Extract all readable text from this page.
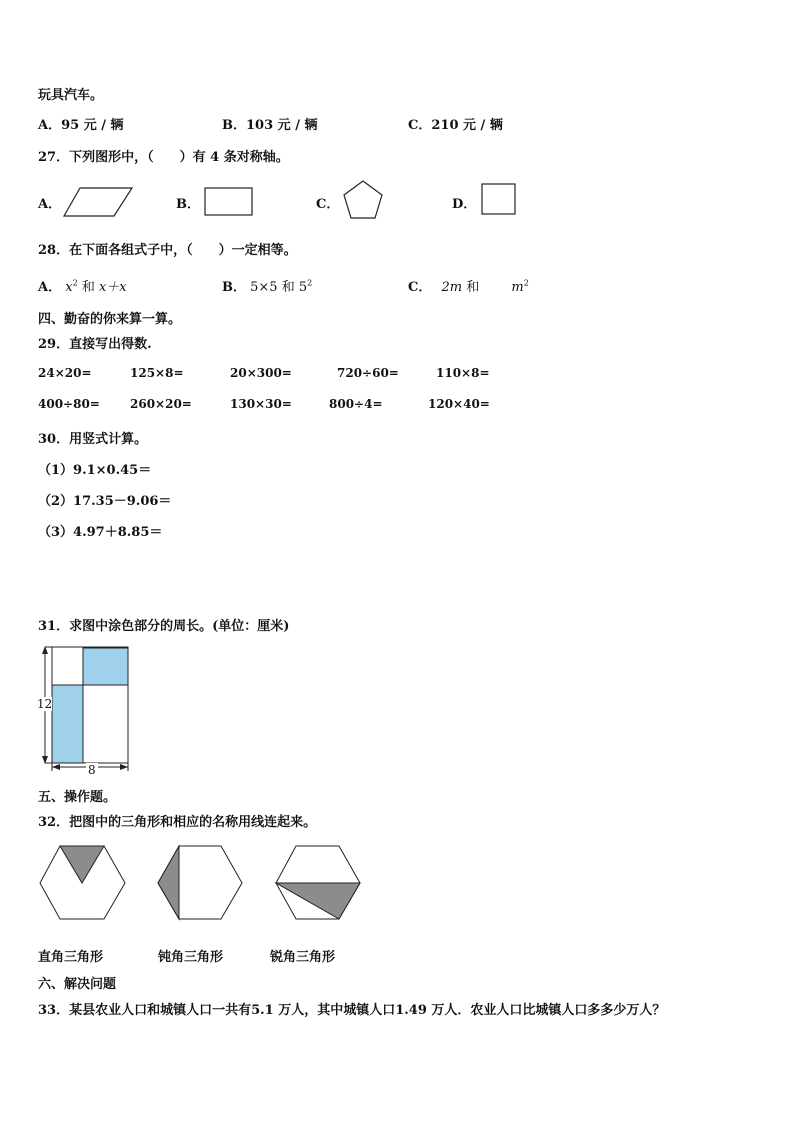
玩具汽车。
A．95 元 / 辆	B．103 元 / 辆	C．210 元 / 辆
27．下列图形中，（　　）有 4 条对称轴。
A．	B．	C．	D．
28．在下面各组式子中，（　　）一定相等。
A． $x^2$ 和 x＋x	B． 5×5 和 $5^2$	C． 2m 和 $m^2$
四、勤奋的你来算一算。
29．直接写出得数.
24×20=	125×8=	20×300=	720÷60=	110×8=
400÷80=	260×20=	130×30=	800÷4=	120×40=
30．用竖式计算。
（1）9.1×0.45＝
（2）17.35－9.06＝
（3）4.97＋8.85＝
31．求图中涂色部分的周长。(单位：厘米)
12
8
五、操作题。
32．把图中的三角形和相应的名称用线连起来。
直角三角形	钝角三角形	锐角三角形
六、解决问题
33．某县农业人口和城镇人口一共有5.1 万人，其中城镇人口1.49 万人．农业人口比城镇人口多多少万人？
